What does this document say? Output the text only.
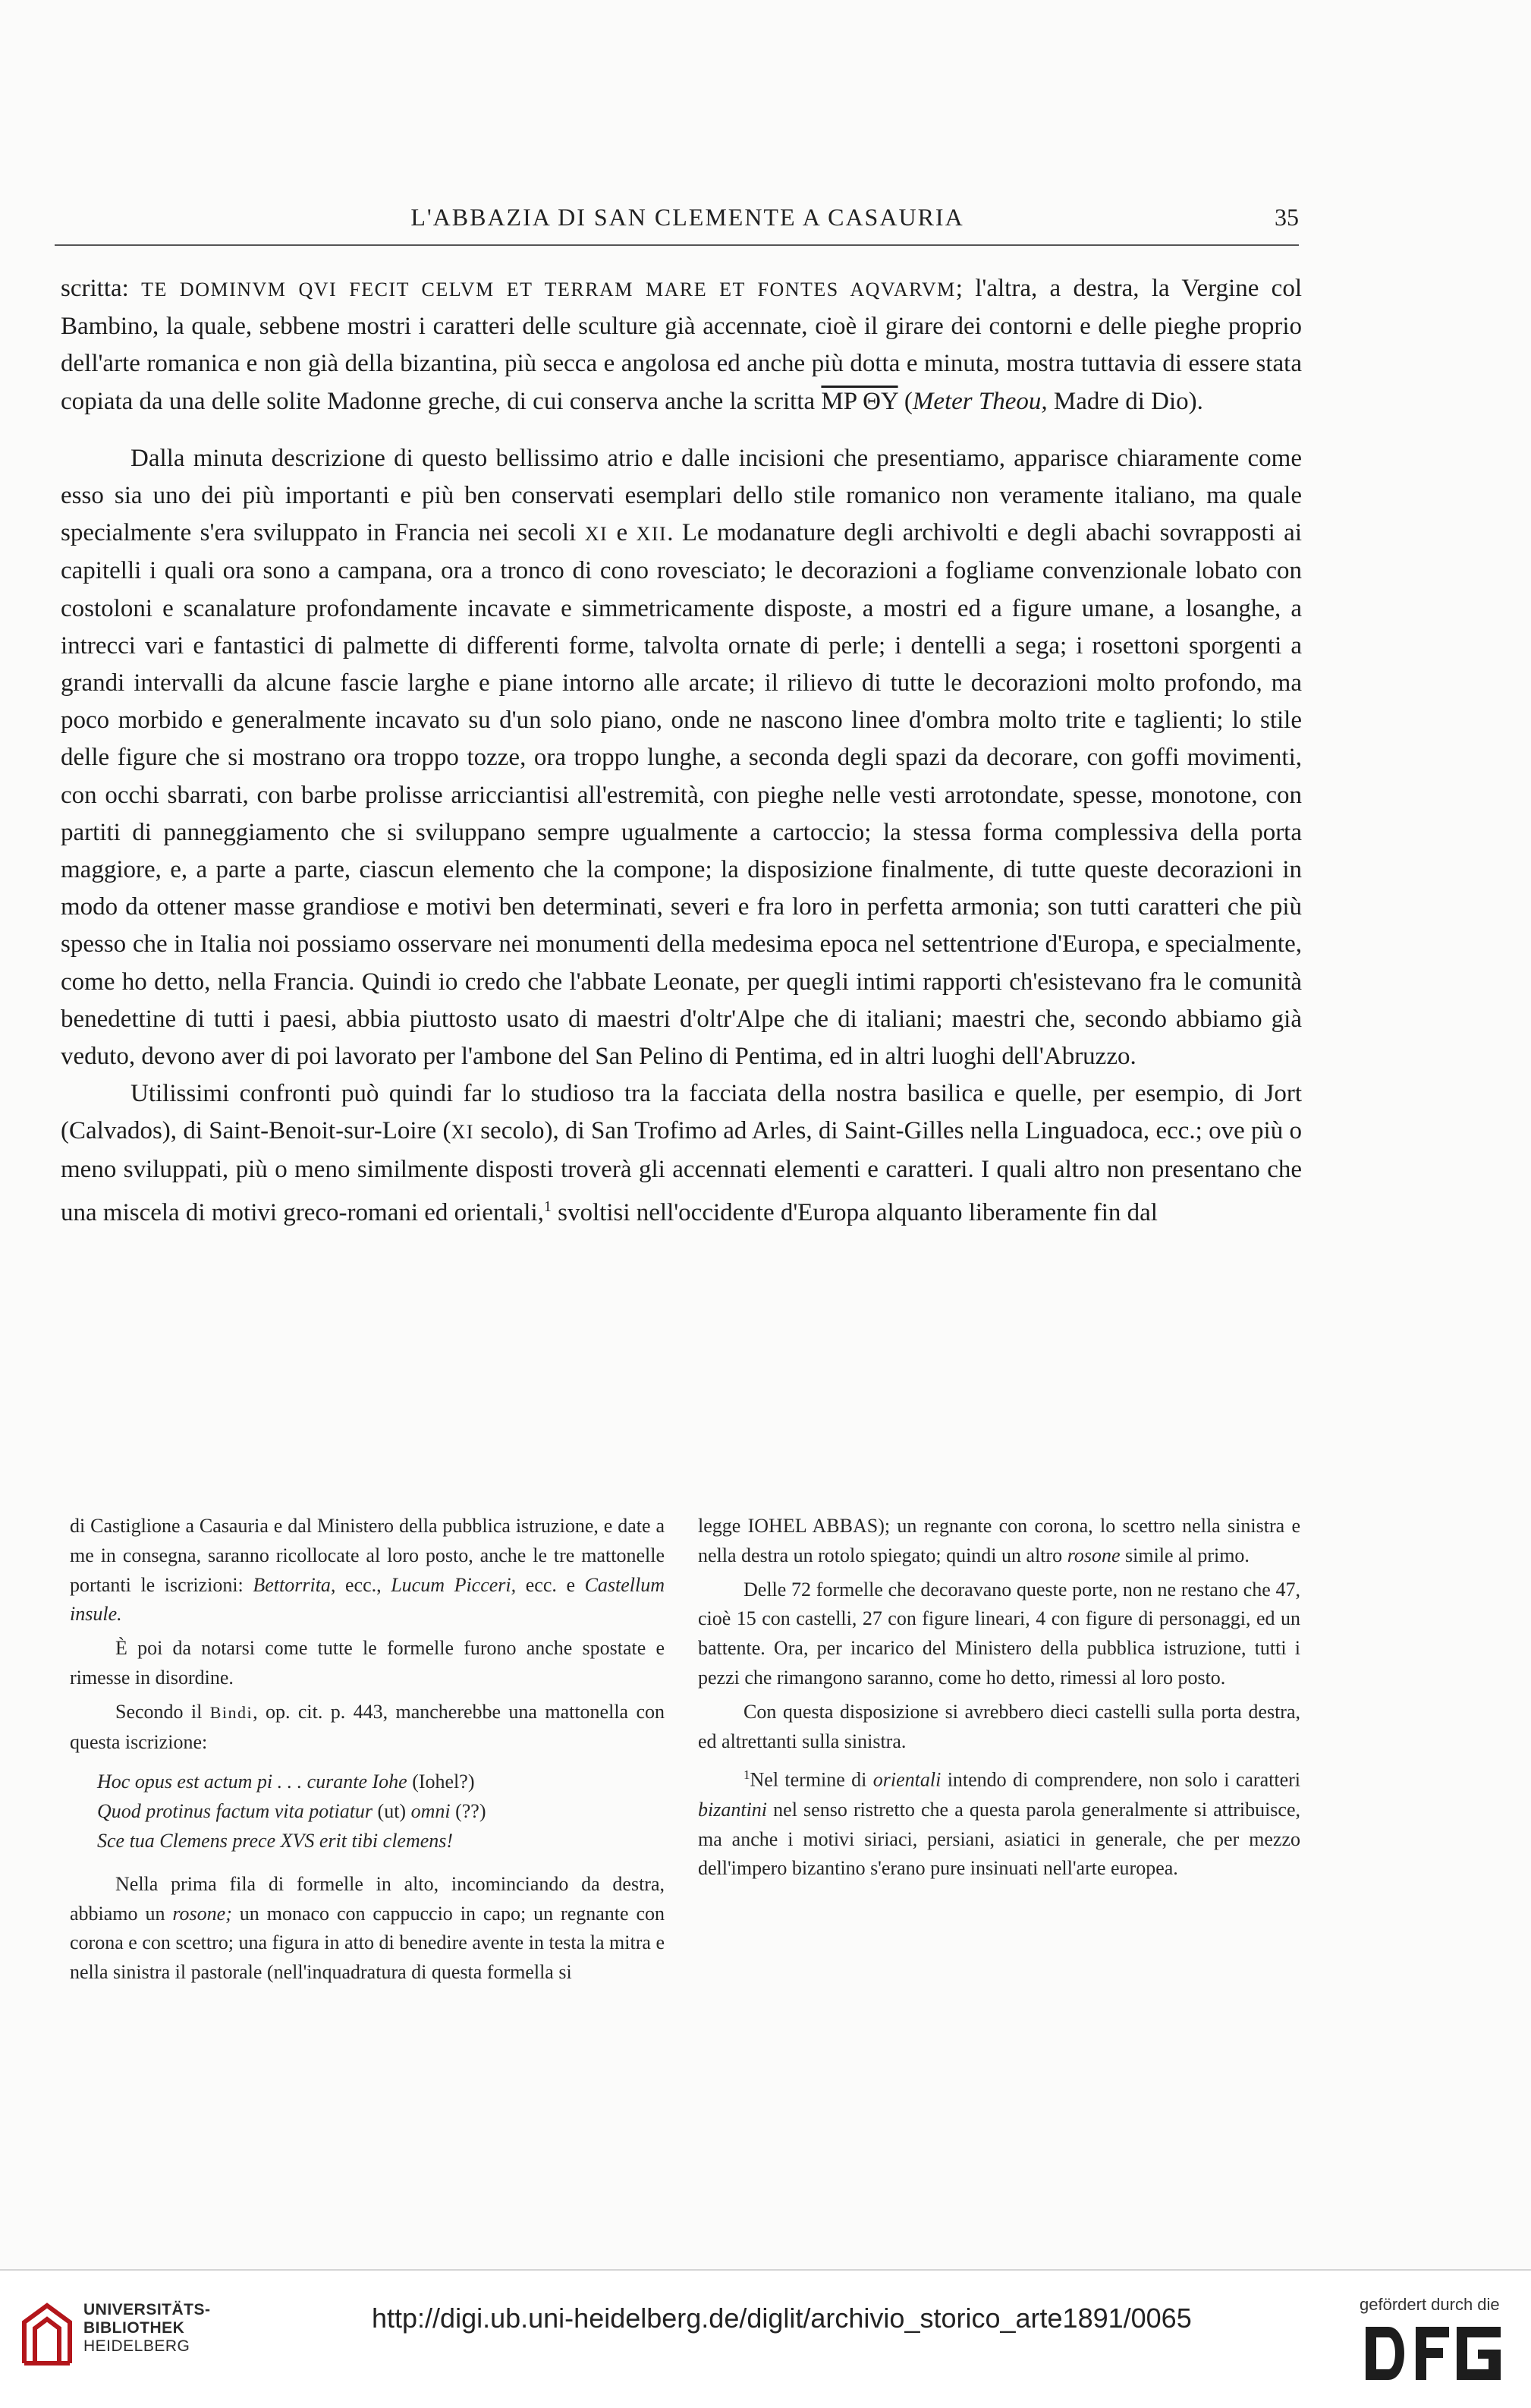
L'ABBAZIA DI SAN CLEMENTE A CASAURIA	35

scritta: TE DOMINVM QVI FECIT CELVM ET TERRAM MARE ET FONTES AQVARVM; l'altra, a destra, la Vergine col Bambino, la quale, sebbene mostri i caratteri delle sculture già accennate, cioè il girare dei contorni e delle pieghe proprio dell'arte romanica e non già della bizantina, più secca e angolosa ed anche più dotta e minuta, mostra tuttavia di essere stata copiata da una delle solite Madonne greche, di cui conserva anche la scritta MP ΘY (Meter Theou, Madre di Dio).

Dalla minuta descrizione di questo bellissimo atrio e dalle incisioni che presentiamo, apparisce chiaramente come esso sia uno dei più importanti e più ben conservati esemplari dello stile romanico non veramente italiano, ma quale specialmente s'era sviluppato in Francia nei secoli XI e XII. Le modanature degli archivolti e degli abachi sovrapposti ai capitelli i quali ora sono a campana, ora a tronco di cono rovesciato; le decorazioni a fogliame convenzionale lobato con costoloni e scanalature profondamente incavate e simmetricamente disposte, a mostri ed a figure umane, a losanghe, a intrecci vari e fantastici di palmette di differenti forme, talvolta ornate di perle; i dentelli a sega; i rosettoni sporgenti a grandi intervalli da alcune fascie larghe e piane intorno alle arcate; il rilievo di tutte le decorazioni molto profondo, ma poco morbido e generalmente incavato su d'un solo piano, onde ne nascono linee d'ombra molto trite e taglienti; lo stile delle figure che si mostrano ora troppo tozze, ora troppo lunghe, a seconda degli spazi da decorare, con goffi movimenti, con occhi sbarrati, con barbe prolisse arricciantisi all'estremità, con pieghe nelle vesti arrotondate, spesse, monotone, con partiti di panneggiamento che si sviluppano sempre ugualmente a cartoccio; la stessa forma complessiva della porta maggiore, e, a parte a parte, ciascun elemento che la compone; la disposizione finalmente, di tutte queste decorazioni in modo da ottener masse grandiose e motivi ben determinati, severi e fra loro in perfetta armonia; son tutti caratteri che più spesso che in Italia noi possiamo osservare nei monumenti della medesima epoca nel settentrione d'Europa, e specialmente, come ho detto, nella Francia. Quindi io credo che l'abbate Leonate, per quegli intimi rapporti ch'esistevano fra le comunità benedettine di tutti i paesi, abbia piuttosto usato di maestri d'oltr'Alpe che di italiani; maestri che, secondo abbiamo già veduto, devono aver di poi lavorato per l'ambone del San Pelino di Pentima, ed in altri luoghi dell'Abruzzo.

Utilissimi confronti può quindi far lo studioso tra la facciata della nostra basilica e quelle, per esempio, di Jort (Calvados), di Saint-Benoit-sur-Loire (XI secolo), di San Trofimo ad Arles, di Saint-Gilles nella Linguadoca, ecc.; ove più o meno sviluppati, più o meno similmente disposti troverà gli accennati elementi e caratteri. I quali altro non presentano che una miscela di motivi greco-romani ed orientali,$^1$ svoltisi nell'occidente d'Europa alquanto liberamente fin dal

di Castiglione a Casauria e dal Ministero della pubblica istruzione, e date a me in consegna, saranno ricollocate al loro posto, anche le tre mattonelle portanti le iscrizioni: Bettorrita, ecc., Lucum Picceri, ecc. e Castellum insule.

È poi da notarsi come tutte le formelle furono anche spostate e rimesse in disordine.

Secondo il Bindi, op. cit. p. 443, mancherebbe una mattonella con questa iscrizione:

Hoc opus est actum pi . . . curante Iohe (Iohel?)

Quod protinus factum vita potiatur (ut) omni (??)

Sce tua Clemens prece XVS erit tibi clemens!

Nella prima fila di formelle in alto, incominciando da destra, abbiamo un rosone; un monaco con cappuccio in capo; un regnante con corona e con scettro; una figura in atto di benedire avente in testa la mitra e nella sinistra il pastorale (nell'inquadratura di questa formella si

legge IOHEL ABBAS); un regnante con corona, lo scettro nella sinistra e nella destra un rotolo spiegato; quindi un altro rosone simile al primo.

Delle 72 formelle che decoravano queste porte, non ne restano che 47, cioè 15 con castelli, 27 con figure lineari, 4 con figure di personaggi, ed un battente. Ora, per incarico del Ministero della pubblica istruzione, tutti i pezzi che rimangono saranno, come ho detto, rimessi al loro posto.

Con questa disposizione si avrebbero dieci castelli sulla porta destra, ed altrettanti sulla sinistra.

$^1$Nel termine di orientali intendo di comprendere, non solo i caratteri bizantini nel senso ristretto che a questa parola generalmente si attribuisce, ma anche i motivi siriaci, persiani, asiatici in generale, che per mezzo dell'impero bizantino s'erano pure insinuati nell'arte europea.

UNIVERSITÄTS-
BIBLIOTHEK
HEIDELBERG
http://digi.ub.uni-heidelberg.de/diglit/archivio_storico_arte1891/0065	gefördert durch die
